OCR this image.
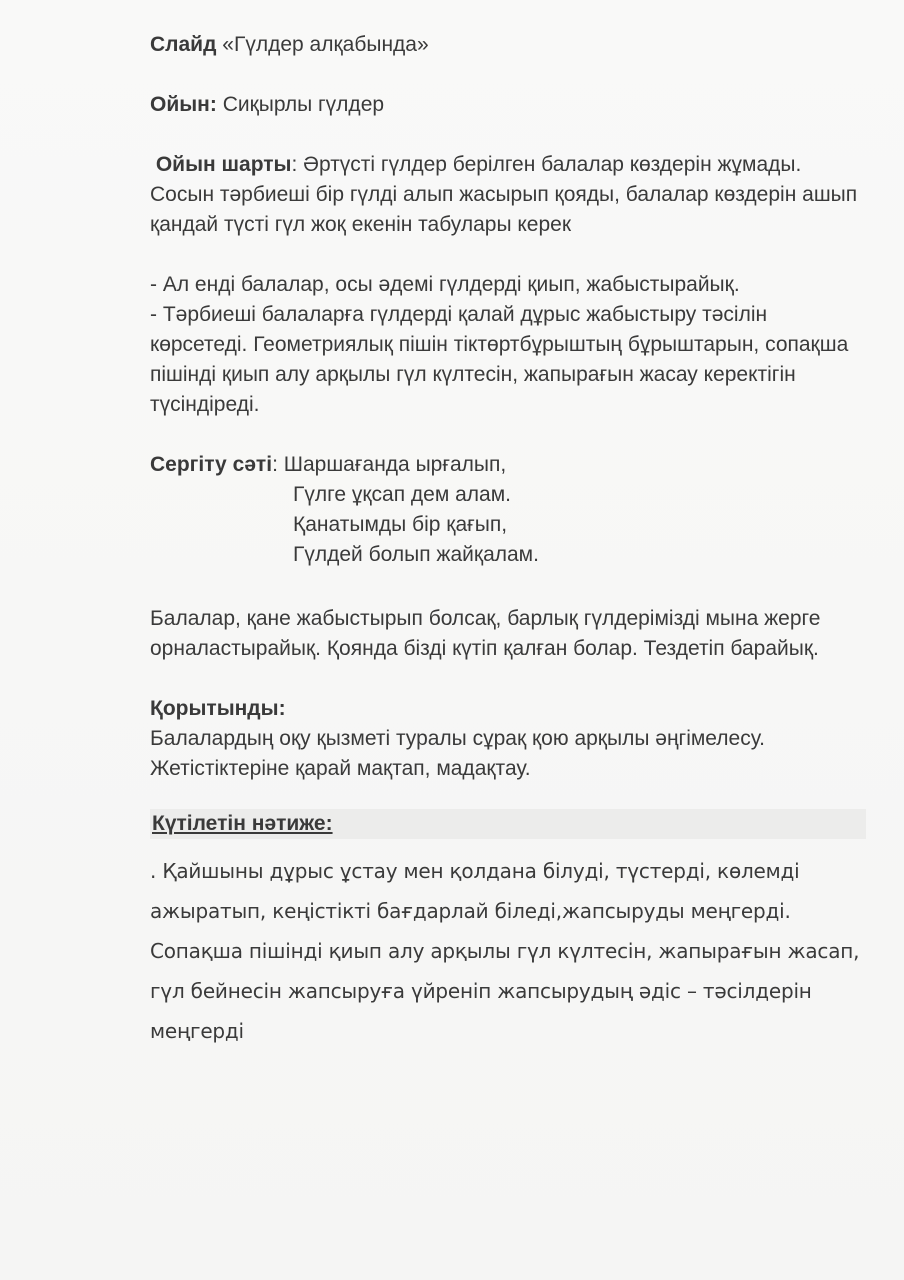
Слайд «Гүлдер алқабында»

Ойын: Сиқырлы гүлдер

Ойын шарты: Әртүсті гүлдер берілген балалар көздерін жұмады. Сосын тәрбиеші бір гүлді алып жасырып қояды, балалар көздерін ашып қандай түсті гүл жоқ екенін табулары керек

- Ал енді балалар, осы әдемі гүлдерді қиып, жабыстырайық.

- Тәрбиеші балаларға гүлдерді қалай дұрыс жабыстыру тәсілін көрсетеді. Геометриялық пішін тіктөртбұрыштың бұрыштарын, сопақша пішінді қиып алу арқылы гүл күлтесін, жапырағын жасау керектігін түсіндіреді.

Сергіту сәті: Шаршағанда ырғалып,

Гүлге ұқсап дем алам.

Қанатымды бір қағып,

Гүлдей болып жайқалам.

Балалар, қане жабыстырып болсақ, барлық гүлдерімізді мына жерге орналастырайық. Қоянда бізді күтіп қалған болар. Тездетіп барайық.

Қорытынды:

Балалардың оқу қызметі туралы сұрақ қою арқылы әңгімелесу. Жетістіктеріне қарай мақтап, мадақтау.

Күтілетін нәтиже:

. Қайшыны дұрыс ұстау мен қолдана білуді, түстерді, көлемді ажыратып, кеңістікті бағдарлай біледі,жапсыруды меңгерді. Сопақша пішінді қиып алу арқылы гүл күлтесін, жапырағын жасап, гүл бейнесін жапсыруға үйреніп жапсырудың әдіс – тәсілдерін меңгерді
